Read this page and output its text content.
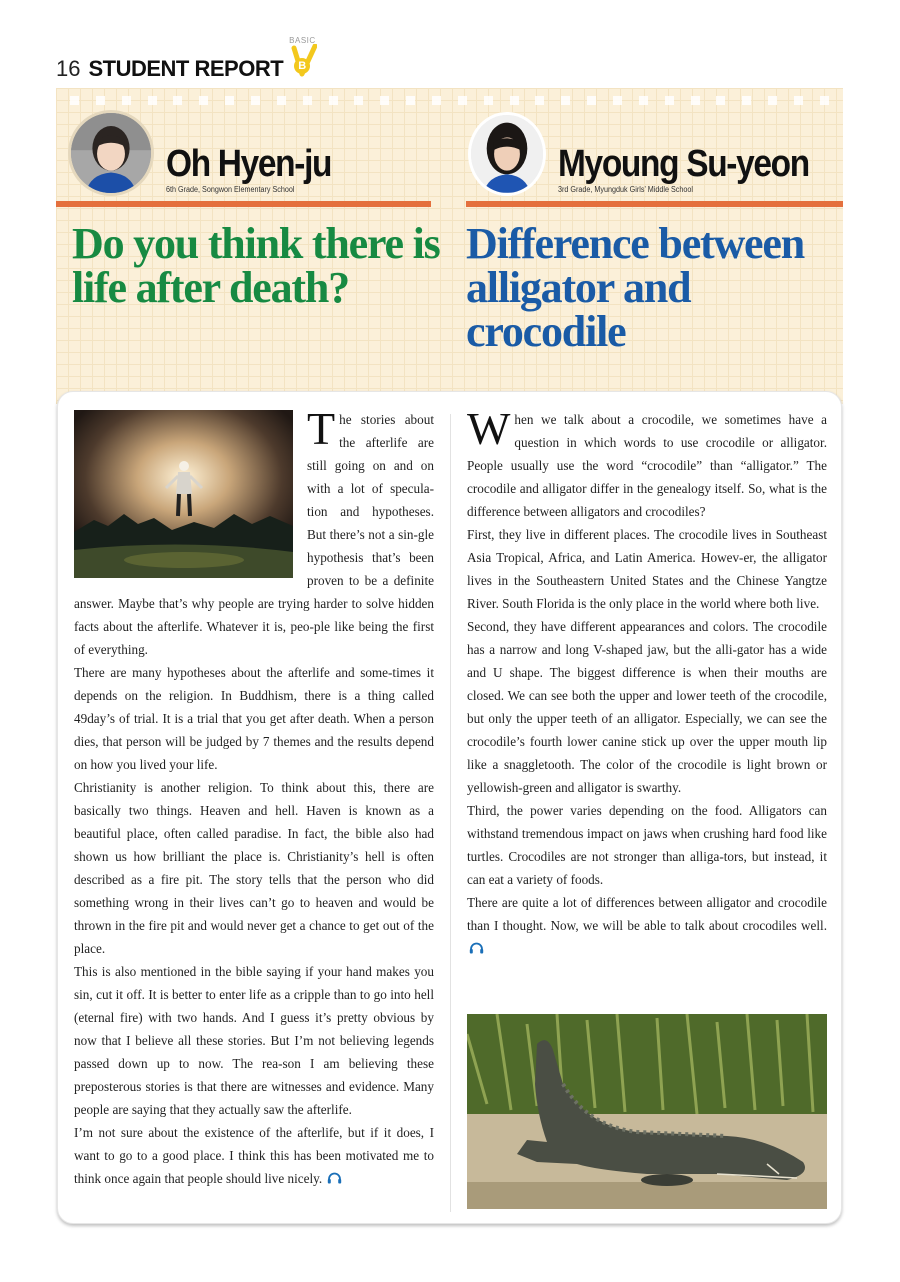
16 STUDENT REPORT
BASIC
B
Oh Hyen-ju
6th Grade, Songwon Elementary School
Myoung Su-yeon
3rd Grade, Myungduk Girls’ Middle School
Do you think there is life after death?
Difference between alligator and crocodile
T he stories about the afterlife are still going on and on with a lot of specula-tion and hypotheses. But there’s not a sin-gle hypothesis that’s been proven to be a definite answer. Maybe that’s why people are trying harder to solve hidden facts about the afterlife. Whatever it is, peo-ple like being the first of everything.

There are many hypotheses about the afterlife and some-times it depends on the religion. In Buddhism, there is a thing called 49day’s of trial. It is a trial that you get after death. When a person dies, that person will be judged by 7 themes and the results depend on how you lived your life.

Christianity is another religion. To think about this, there are basically two things. Heaven and hell. Haven is known as a beautiful place, often called paradise. In fact, the bible also had shown us how brilliant the place is. Christianity’s hell is often described as a fire pit. The story tells that the person who did something wrong in their lives can’t go to heaven and would be thrown in the fire pit and would never get a chance to get out of the place.

This is also mentioned in the bible saying if your hand makes you sin, cut it off. It is better to enter life as a cripple than to go into hell (eternal fire) with two hands. And I guess it’s pretty obvious by now that I believe all these stories. But I’m not believing legends passed down up to now. The rea-son I am believing these preposterous stories is that there are witnesses and evidence. Many people are saying that they actually saw the afterlife.

I’m not sure about the existence of the afterlife, but if it does, I want to go to a good place. I think this has been motivated me to think once again that people should live nicely.

W hen we talk about a crocodile, we sometimes have a question in which words to use crocodile or alligator. People usually use the word “crocodile” than “alligator.” The crocodile and alligator differ in the genealogy itself. So, what is the difference between alligators and crocodiles?

First, they live in different places. The crocodile lives in Southeast Asia Tropical, Africa, and Latin America. Howev-er, the alligator lives in the Southeastern United States and the Chinese Yangtze River. South Florida is the only place in the world where both live.

Second, they have different appearances and colors. The crocodile has a narrow and long V-shaped jaw, but the alli-gator has a wide and U shape. The biggest difference is when their mouths are closed. We can see both the upper and lower teeth of the crocodile, but only the upper teeth of an alligator. Especially, we can see the crocodile’s fourth lower canine stick up over the upper mouth lip like a snaggletooth. The color of the crocodile is light brown or yellowish-green and alligator is swarthy.

Third, the power varies depending on the food. Alligators can withstand tremendous impact on jaws when crushing hard food like turtles. Crocodiles are not stronger than alliga-tors, but instead, it can eat a variety of foods.

There are quite a lot of differences between alligator and crocodile than I thought. Now, we will be able to talk about crocodiles well.
